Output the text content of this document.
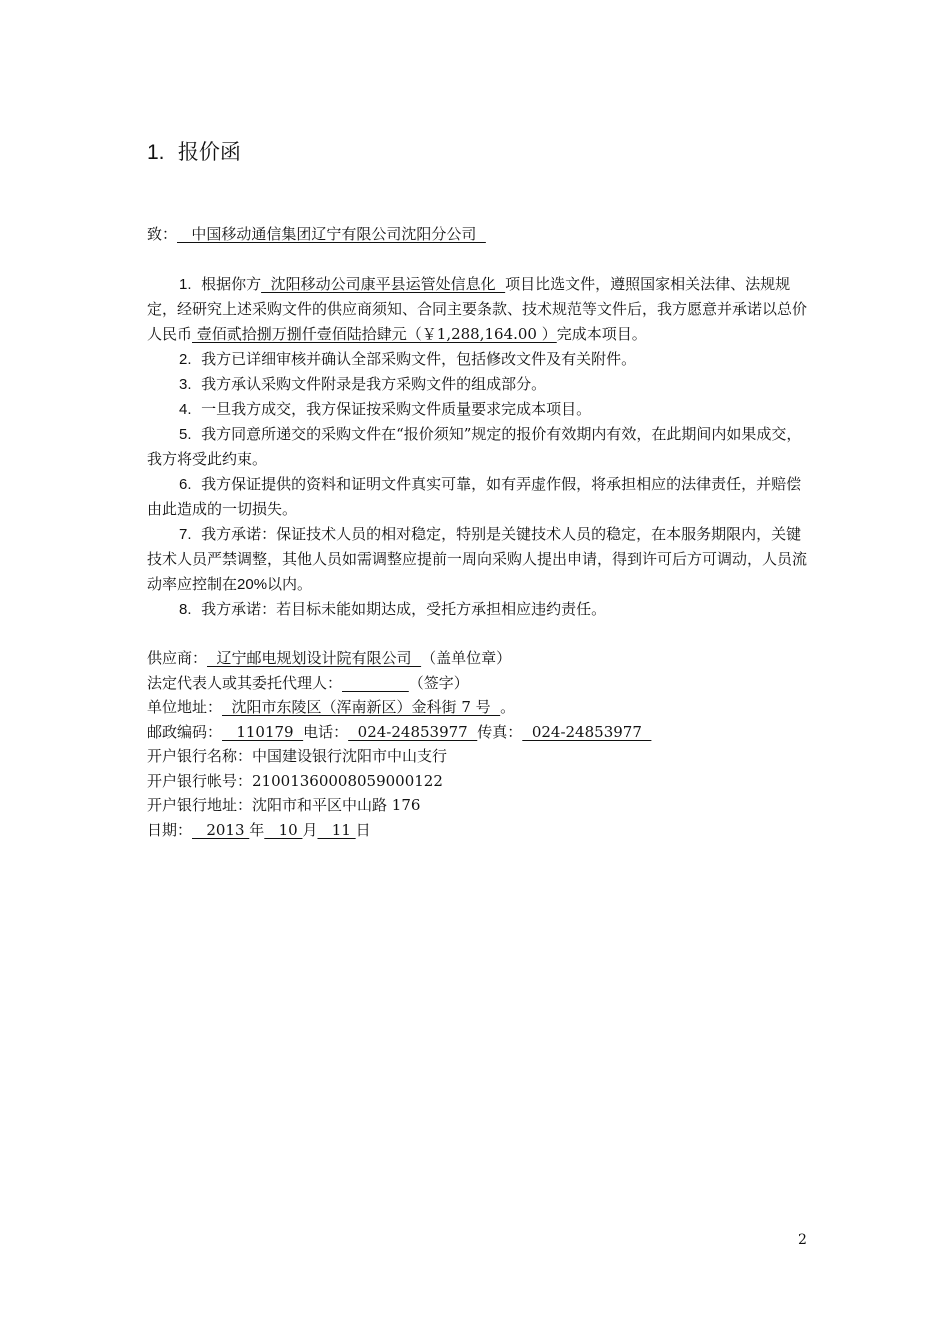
1. 报价函
致：   中国移动通信集团辽宁有限公司沈阳分公司

1. 根据你方  沈阳移动公司康平县运管处信息化  项目比选文件，遵照国家相关法律、法规规定，经研究上述采购文件的供应商须知、合同主要条款、技术规范等文件后，我方愿意并承诺以总价人民币 壹佰贰拾捌万捌仟壹佰陆拾肆元（￥1,288,164.00 ）完成本项目。

2. 我方已详细审核并确认全部采购文件，包括修改文件及有关附件。

3. 我方承认采购文件附录是我方采购文件的组成部分。

4. 一旦我方成交，我方保证按采购文件质量要求完成本项目。

5. 我方同意所递交的采购文件在“报价须知”规定的报价有效期内有效，在此期间内如果成交，我方将受此约束。

6. 我方保证提供的资料和证明文件真实可靠，如有弄虚作假，将承担相应的法律责任，并赔偿由此造成的一切损失。

7. 我方承诺：保证技术人员的相对稳定，特别是关键技术人员的稳定，在本服务期限内，关键技术人员严禁调整，其他人员如需调整应提前一周向采购人提出申请，得到许可后方可调动，人员流动率应控制在20%以内。

8. 我方承诺：若目标未能如期达成，受托方承担相应违约责任。

供应商：  辽宁邮电规划设计院有限公司  （盖单位章）
法定代表人或其委托代理人：	（签字）
单位地址：  沈阳市东陵区（浑南新区）金科街 7 号  。
邮政编码：   110179  电话：  024-24853977  传真：  024-24853977
开户银行名称：中国建设银行沈阳市中山支行
开户银行帐号：21001360008059000122
开户银行地址：沈阳市和平区中山路 176
日期：   2013 年   10 月   11 日
2
